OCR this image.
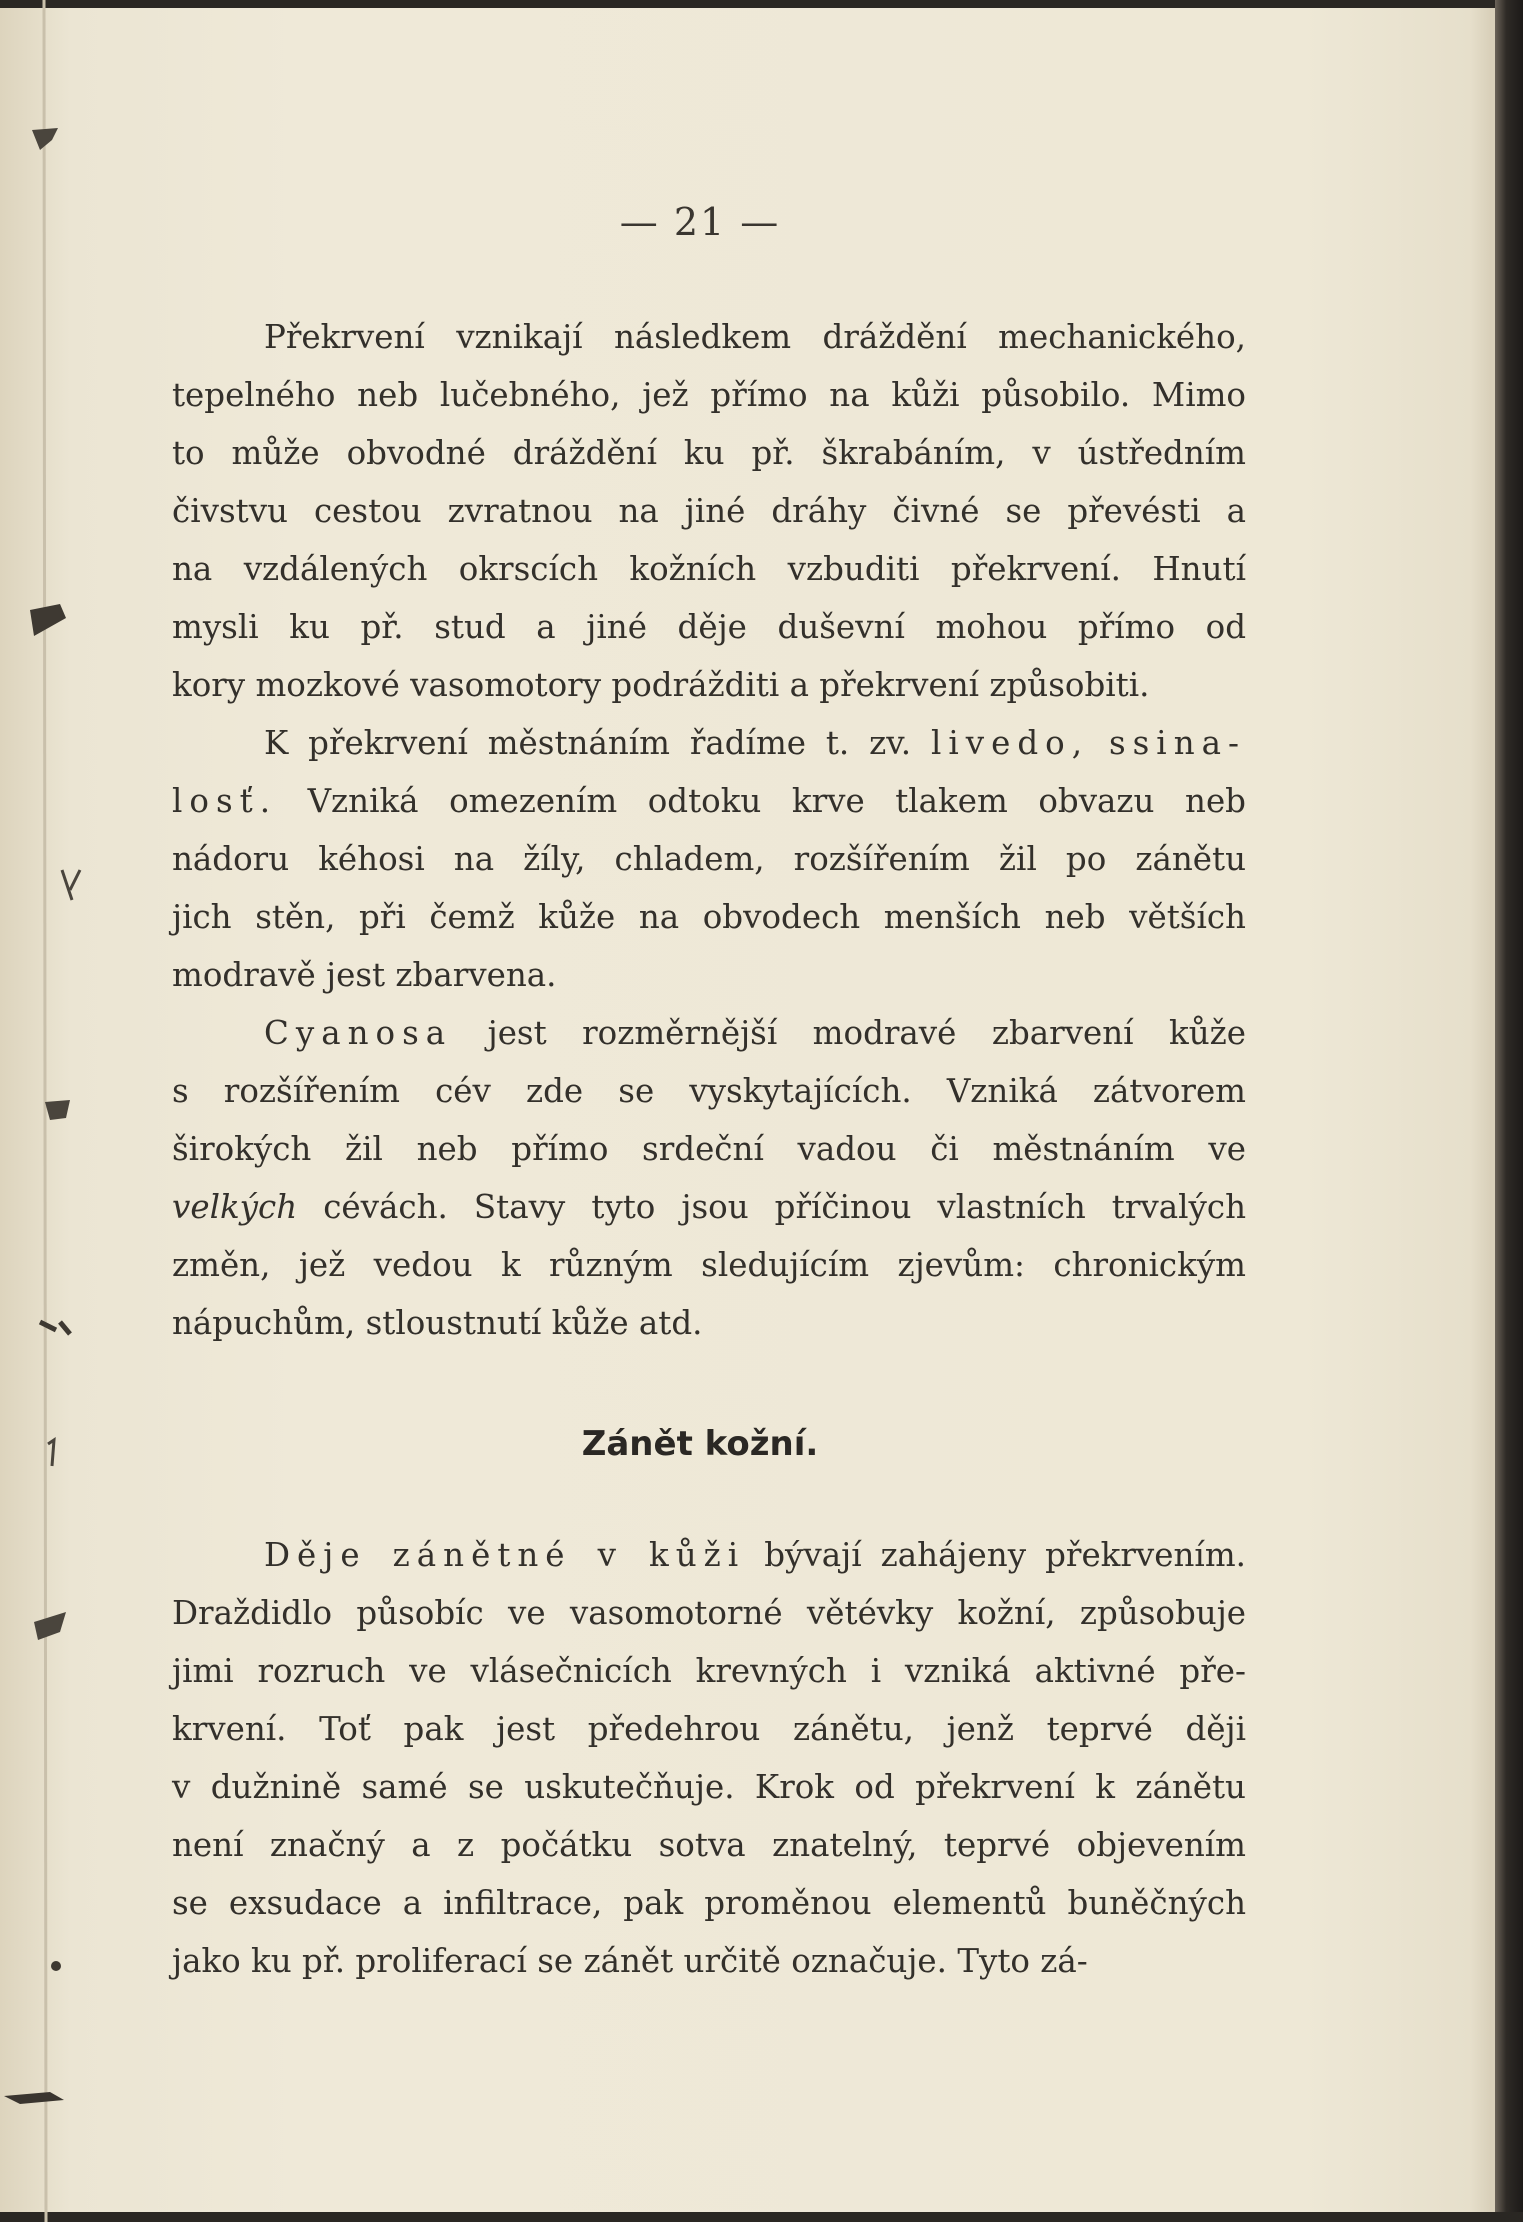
— 21 —

Překrvení vznikají následkem dráždění mechanického,

tepelného neb lučebného, jež přímo na kůži působilo. Mimo

to může obvodné dráždění ku př. škrabáním, v ústředním

čivstvu cestou zvratnou na jiné dráhy čivné se převésti a

na vzdálených okrscích kožních vzbuditi překrvení. Hnutí

mysli ku př. stud a jiné děje duševní mohou přímo od

kory mozkové vasomotory podrážditi a překrvení způsobiti.

K překrvení městnáním řadíme t. zv. livedo, ssina-

losť. Vzniká omezením odtoku krve tlakem obvazu neb

nádoru kéhosi na žíly, chladem, rozšířením žil po zánětu

jich stěn, při čemž kůže na obvodech menších neb větších

modravě jest zbarvena.

Cyanosa jest rozměrnější modravé zbarvení kůže

s rozšířením cév zde se vyskytajících. Vzniká zátvorem

širokých žil neb přímo srdeční vadou či městnáním ve

velkých cévách. Stavy tyto jsou příčinou vlastních trvalých

změn, jež vedou k různým sledujícím zjevům: chronickým

nápuchům, stloustnutí kůže atd.

Zánět kožní.

Děje zánětné v kůži bývají zahájeny překrvením.

Draždidlo působíc ve vasomotorné větévky kožní, způsobuje

jimi rozruch ve vlásečnicích krevných i vzniká aktivné pře-

krvení. Toť pak jest předehrou zánětu, jenž teprvé ději

v dužnině samé se uskutečňuje. Krok od překrvení k zánětu

není značný a z počátku sotva znatelný, teprvé objevením

se exsudace a infiltrace, pak proměnou elementů buněčných

jako ku př. proliferací se zánět určitě označuje. Tyto zá-
